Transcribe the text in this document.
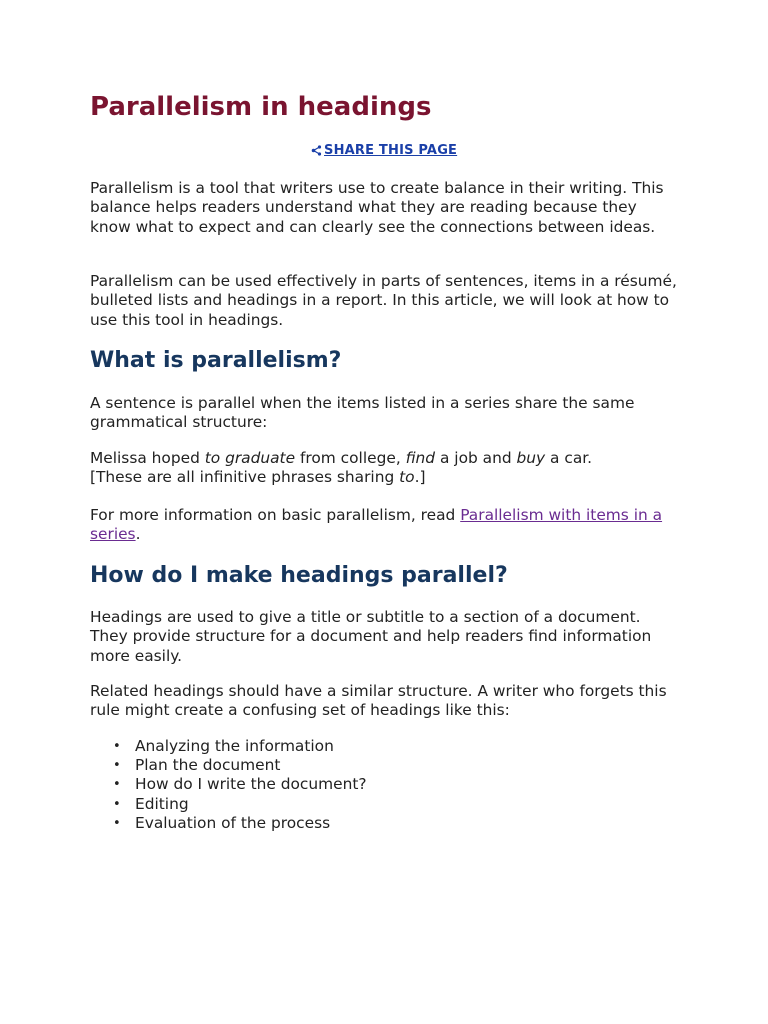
Parallelism in headings
SHARE THIS PAGE

Parallelism is a tool that writers use to create balance in their writing. This balance helps readers understand what they are reading because they know what to expect and can clearly see the connections between ideas.

Parallelism can be used effectively in parts of sentences, items in a résumé, bulleted lists and headings in a report. In this article, we will look at how to use this tool in headings.

What is parallelism?

A sentence is parallel when the items listed in a series share the same grammatical structure:

Melissa hoped to graduate from college, find a job and buy a car.
[These are all infinitive phrases sharing to.]

For more information on basic parallelism, read Parallelism with items in a series.

How do I make headings parallel?

Headings are used to give a title or subtitle to a section of a document. They provide structure for a document and help readers find information more easily.

Related headings should have a similar structure. A writer who forgets this rule might create a confusing set of headings like this:

• Analyzing the information
• Plan the document
• How do I write the document?
• Editing
• Evaluation of the process
